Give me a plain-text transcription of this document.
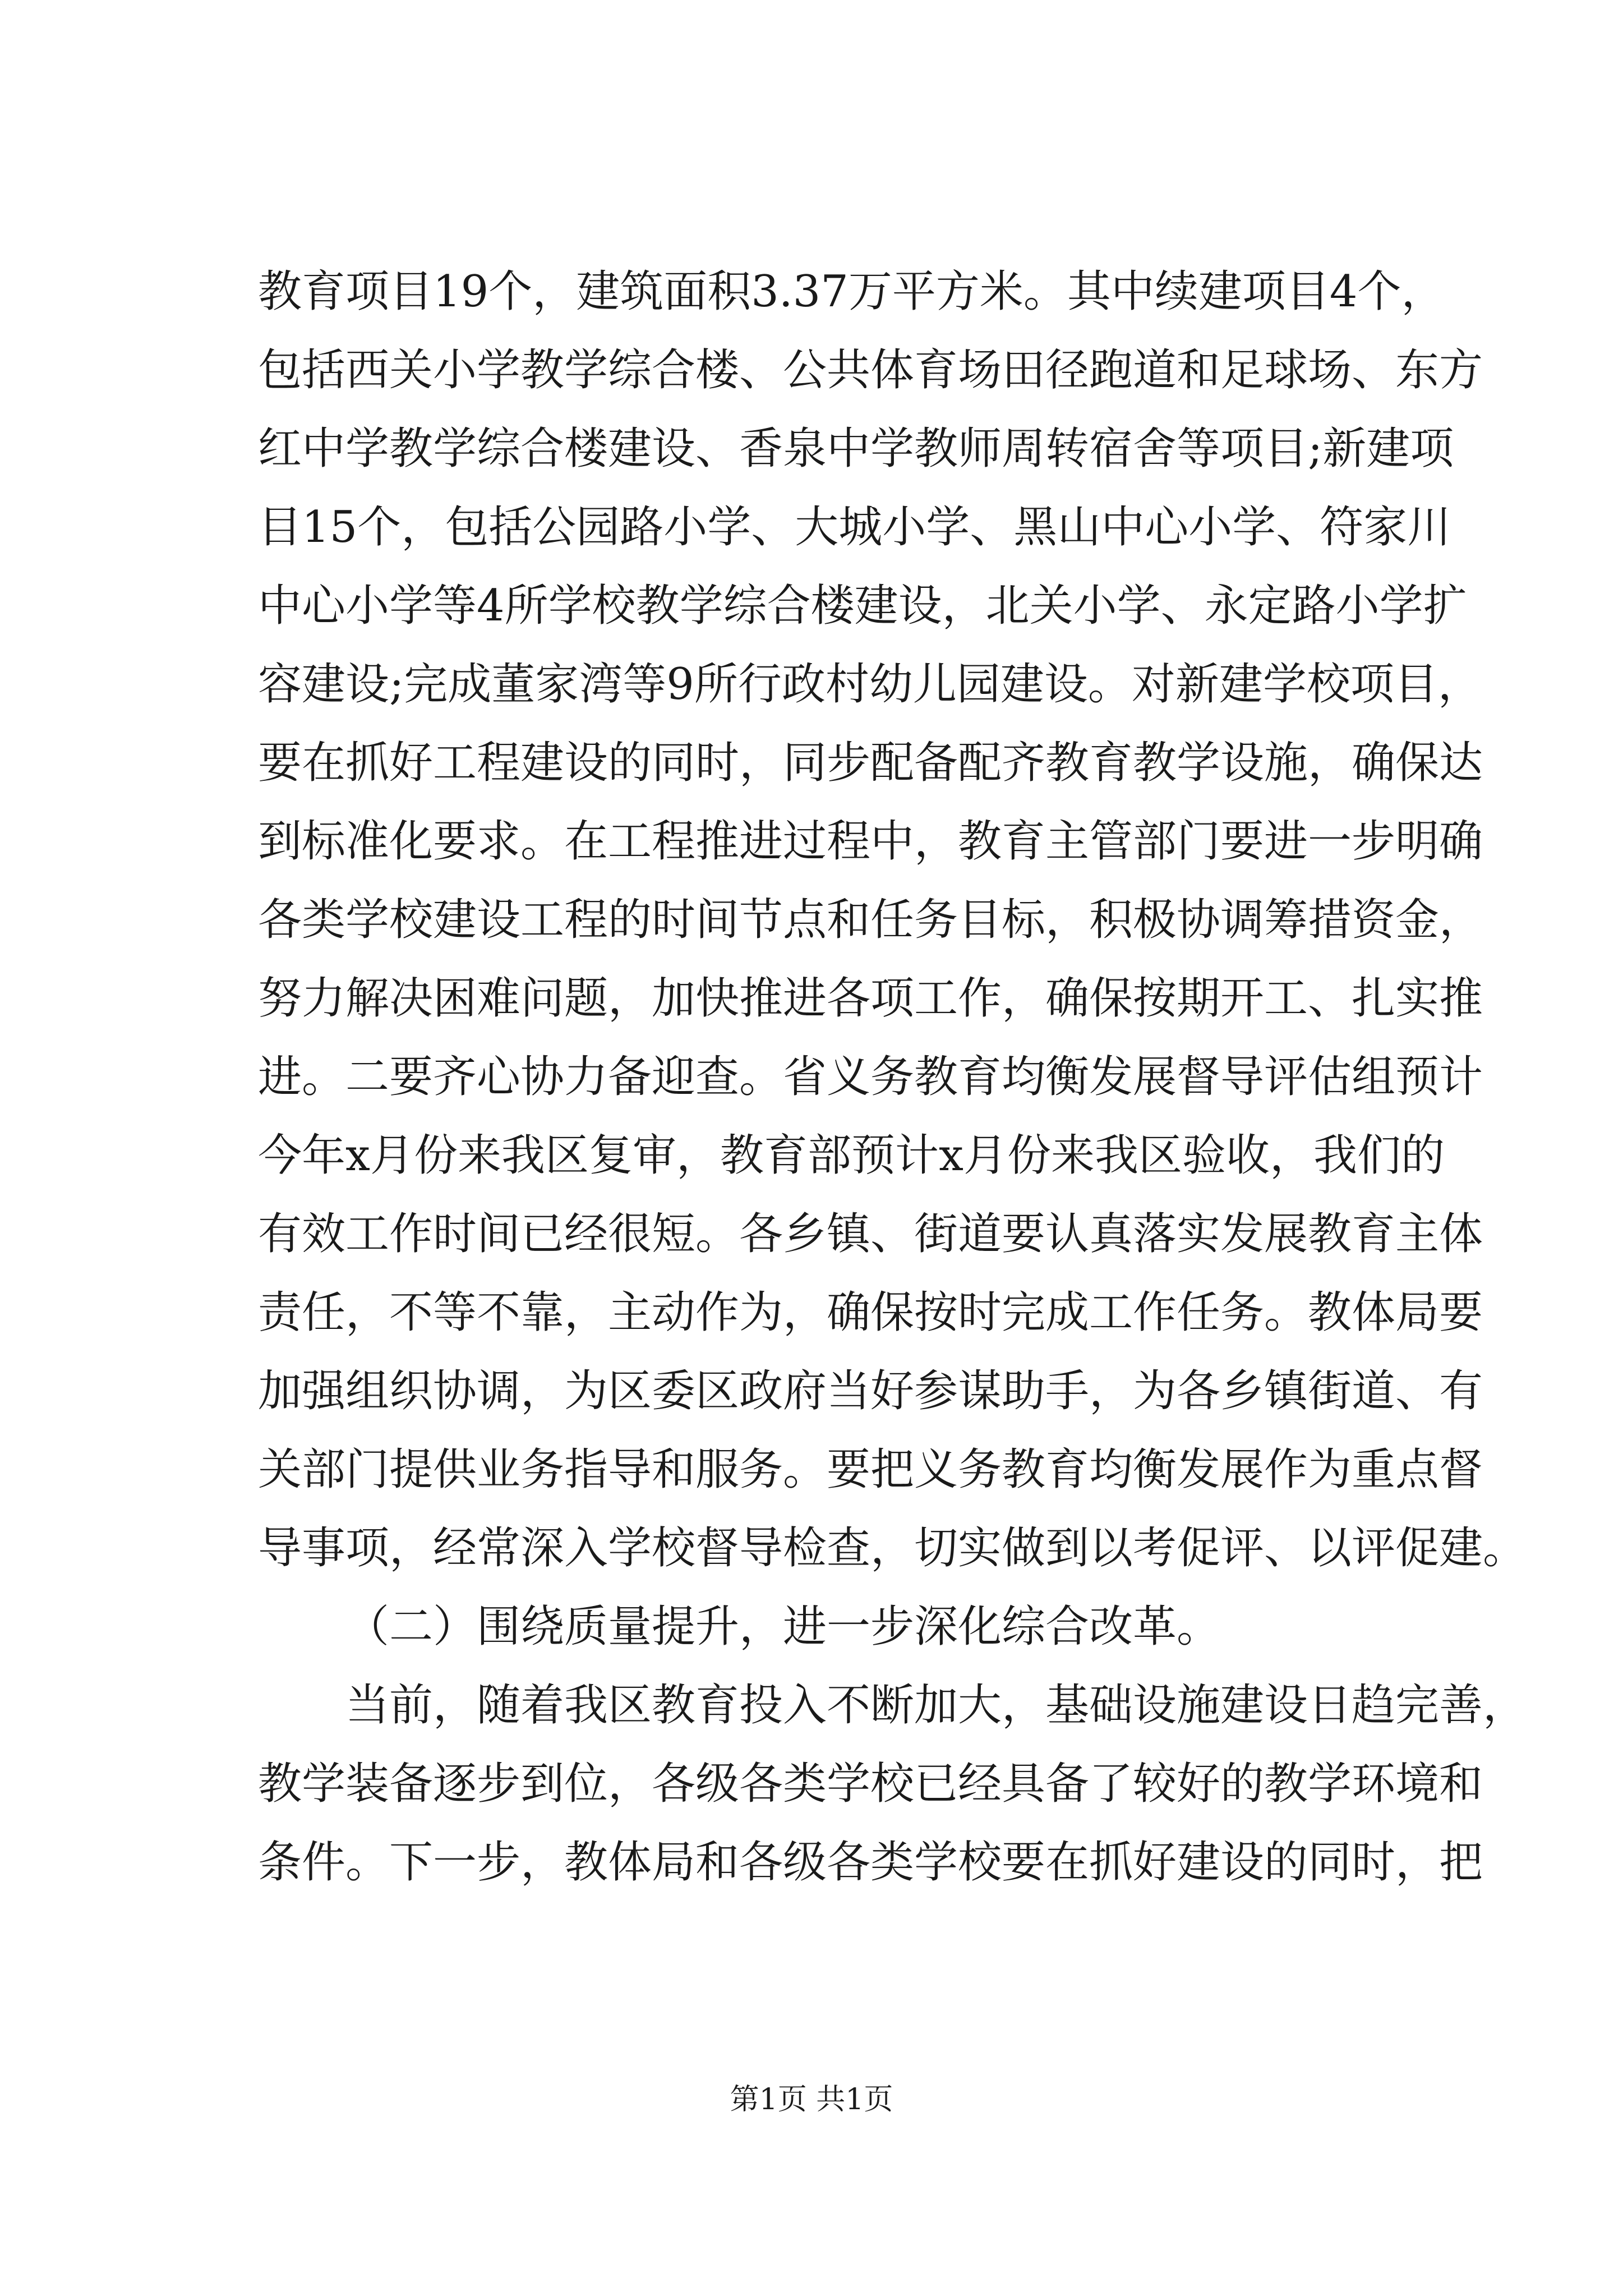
教育项目19个，建筑面积3.37万平方米。其中续建项目4个，
包括西关小学教学综合楼、公共体育场田径跑道和足球场、东方
红中学教学综合楼建设、香泉中学教师周转宿舍等项目;新建项
目15个，包括公园路小学、大城小学、黑山中心小学、符家川
中心小学等4所学校教学综合楼建设，北关小学、永定路小学扩
容建设;完成董家湾等9所行政村幼儿园建设。对新建学校项目，
要在抓好工程建设的同时，同步配备配齐教育教学设施，确保达
到标准化要求。在工程推进过程中，教育主管部门要进一步明确
各类学校建设工程的时间节点和任务目标，积极协调筹措资金，
努力解决困难问题，加快推进各项工作，确保按期开工、扎实推
进。二要齐心协力备迎查。省义务教育均衡发展督导评估组预计
今年x月份来我区复审，教育部预计x月份来我区验收，我们的
有效工作时间已经很短。各乡镇、街道要认真落实发展教育主体
责任，不等不靠，主动作为，确保按时完成工作任务。教体局要
加强组织协调，为区委区政府当好参谋助手，为各乡镇街道、有
关部门提供业务指导和服务。要把义务教育均衡发展作为重点督
导事项，经常深入学校督导检查，切实做到以考促评、以评促建。
（二）围绕质量提升，进一步深化综合改革。
当前，随着我区教育投入不断加大，基础设施建设日趋完善，
教学装备逐步到位，各级各类学校已经具备了较好的教学环境和
条件。下一步，教体局和各级各类学校要在抓好建设的同时，把
第1页 共1页
